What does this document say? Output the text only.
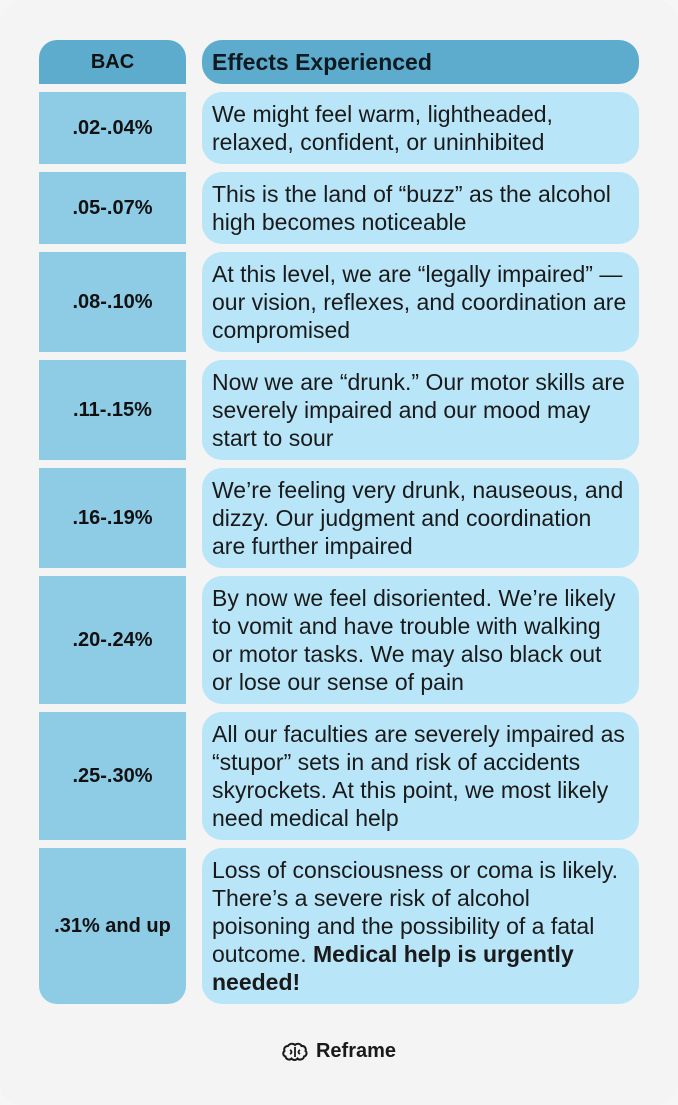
BAC	Effects Experienced
.02-.04%
We might feel warm, lightheaded, relaxed, confident, or uninhibited
.05-.07%
This is the land of “buzz” as the alcohol high becomes noticeable
.08-.10%
At this level, we are “legally impaired” — our vision, reflexes, and coordination are compromised
.11-.15%
Now we are “drunk.” Our motor skills are severely impaired and our mood may start to sour
.16-.19%
We’re feeling very drunk, nauseous, and dizzy. Our judgment and coordination are further impaired
.20-.24%
By now we feel disoriented. We’re likely to vomit and have trouble with walking or motor tasks. We may also black out or lose our sense of pain
.25-.30%
All our faculties are severely impaired as “stupor” sets in and risk of accidents skyrockets. At this point, we most likely need medical help
.31% and up
Loss of consciousness or coma is likely. There’s a severe risk of alcohol poisoning and the possibility of a fatal outcome. Medical help is urgently needed!
Reframe
